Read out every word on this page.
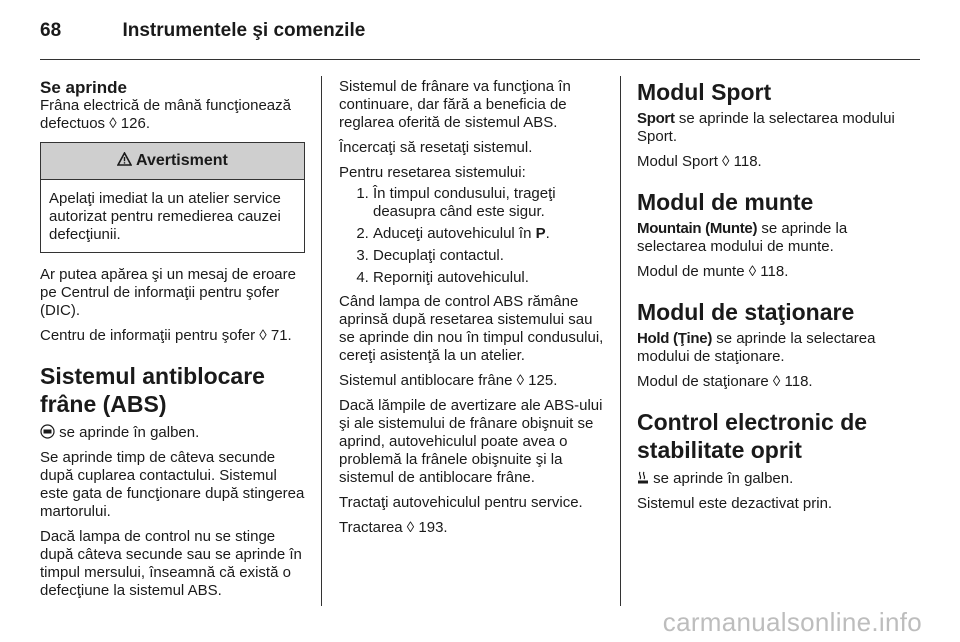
68	Instrumentele şi comenzile
Se aprinde

Frâna electrică de mână funcţionează defectuos ◊ 126.

Avertisment
Apelaţi imediat la un atelier service autorizat pentru remedierea cauzei defecţiunii.

Ar putea apărea şi un mesaj de eroare pe Centrul de informaţii pentru şofer (DIC).

Centru de informaţii pentru şofer ◊ 71.

Sistemul antiblocare frâne (ABS)

se aprinde în galben.

Se aprinde timp de câteva secunde după cuplarea contactului. Sistemul este gata de funcţionare după stingerea martorului.

Dacă lampa de control nu se stinge după câteva secunde sau se aprinde în timpul mersului, înseamnă că există o defecţiune la sistemul ABS.

Sistemul de frânare va funcţiona în continuare, dar fără a beneficia de reglarea oferită de sistemul ABS.

Încercaţi să resetaţi sistemul.

Pentru resetarea sistemului:

1. În timpul condusului, trageţi deasupra când este sigur.
2. Aduceţi autovehiculul în P.
3. Decuplaţi contactul.
4. Reporniţi autovehiculul.

Când lampa de control ABS rămâne aprinsă după resetarea sistemului sau se aprinde din nou în timpul condusului, cereţi asistenţă la un atelier.

Sistemul antiblocare frâne ◊ 125.

Dacă lămpile de avertizare ale ABS-ului şi ale sistemului de frânare obişnuit se aprind, autovehiculul poate avea o problemă la frânele obişnuite şi la sistemul de antiblocare frâne.

Tractaţi autovehiculul pentru service.

Tractarea ◊ 193.

Modul Sport

Sport se aprinde la selectarea modului Sport.

Modul Sport ◊ 118.

Modul de munte

Mountain (Munte) se aprinde la selectarea modului de munte.

Modul de munte ◊ 118.

Modul de staţionare

Hold (Ţine) se aprinde la selectarea modului de staţionare.

Modul de staţionare ◊ 118.

Control electronic de stabilitate oprit

se aprinde în galben.

Sistemul este dezactivat prin.

carmanualsonline.info
